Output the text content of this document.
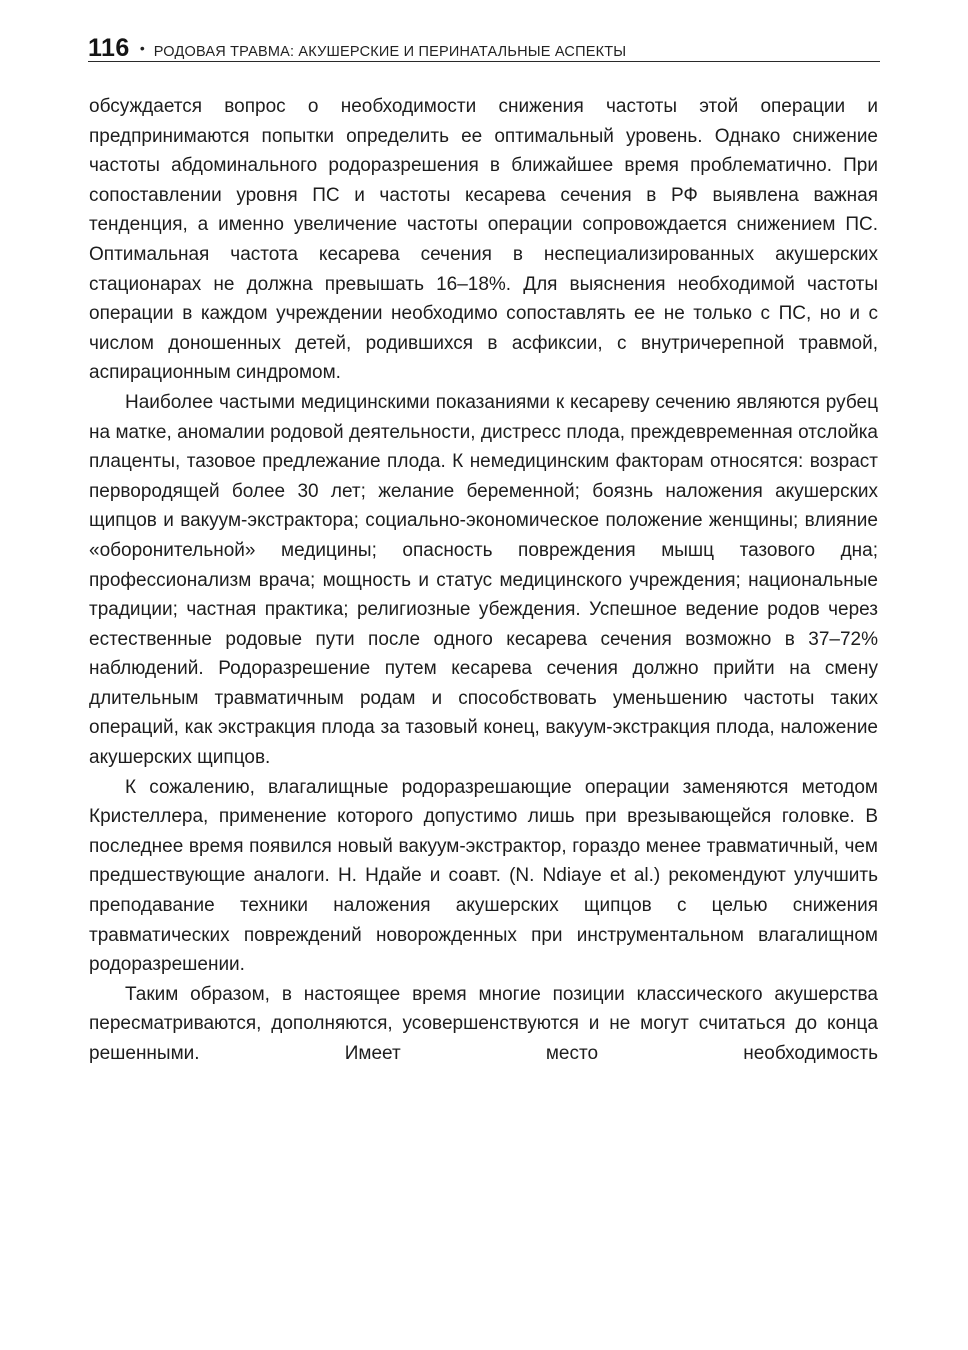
116 • РОДОВАЯ ТРАВМА: АКУШЕРСКИЕ И ПЕРИНАТАЛЬНЫЕ АСПЕКТЫ

обсуждается вопрос о необходимости снижения частоты этой операции и предпринимаются попытки определить ее оптимальный уровень. Однако снижение частоты абдоминального родоразрешения в ближайшее время проблематично. При сопоставлении уровня ПС и частоты кесарева сечения в РФ выявлена важная тенденция, а именно увеличение частоты операции сопровождается снижением ПС. Оптимальная частота кесарева сечения в неспециализированных акушерских стационарах не должна превышать 16–18%. Для выяснения необходимой частоты операции в каждом учреждении необходимо сопоставлять ее не только с ПС, но и с числом доношенных детей, родившихся в асфиксии, с внутричерепной травмой, аспирационным синдромом.

Наиболее частыми медицинскими показаниями к кесареву сечению являются рубец на матке, аномалии родовой деятельности, дистресс плода, преждевременная отслойка плаценты, тазовое предлежание плода. К немедицинским факторам относятся: возраст первородящей более 30 лет; желание беременной; боязнь наложения акушерских щипцов и вакуум-экстрактора; социально-экономическое положение женщины; влияние «оборонительной» медицины; опасность повреждения мышц тазового дна; профессионализм врача; мощность и статус медицинского учреждения; национальные традиции; частная практика; религиозные убеждения. Успешное ведение родов через естественные родовые пути после одного кесарева сечения возможно в 37–72% наблюдений. Родоразрешение путем кесарева сечения должно прийти на смену длительным травматичным родам и способствовать уменьшению частоты таких операций, как экстракция плода за тазовый конец, вакуум-экстракция плода, наложение акушерских щипцов.

К сожалению, влагалищные родоразрешающие операции заменяются методом Кристеллера, применение которого допустимо лишь при врезывающейся головке. В последнее время появился новый вакуум-экстрактор, гораздо менее травматичный, чем предшествующие аналоги. Н. Ндайе и соавт. (N. Ndiaye et al.) рекомендуют улучшить преподавание техники наложения акушерских щипцов с целью снижения травматических повреждений новорожденных при инструментальном влагалищном родоразрешении.

Таким образом, в настоящее время многие позиции классического акушерства пересматриваются, дополняются, усовершенствуются и не могут считаться до конца решенными. Имеет место необходимость
